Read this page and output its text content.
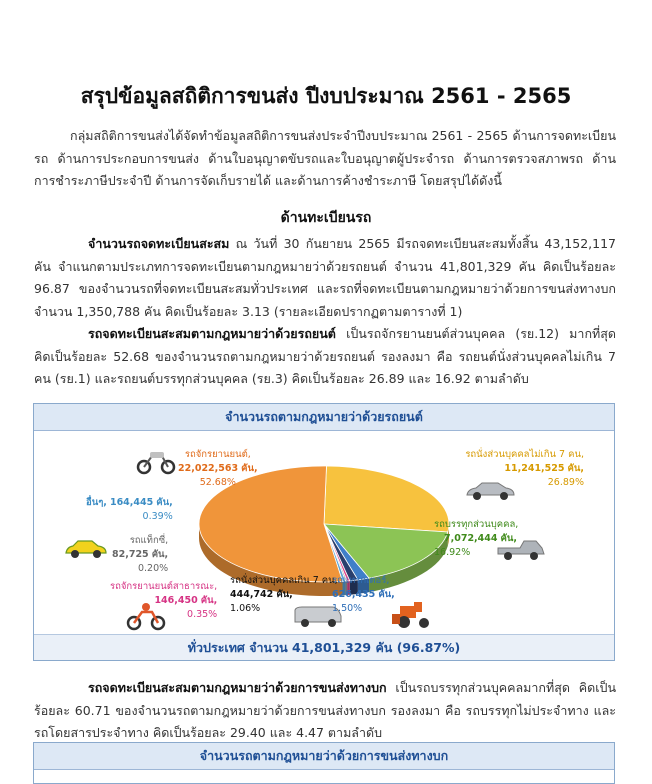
สรุปข้อมูลสถิติการขนส่ง ปีงบประมาณ 2561 - 2565

กลุ่มสถิติการขนส่งได้จัดทำข้อมูลสถิติการขนส่งประจำปีงบประมาณ 2561 - 2565 ด้านการจดทะเบียนรถ ด้านการประกอบการขนส่ง ด้านใบอนุญาตขับรถและใบอนุญาตผู้ประจำรถ ด้านการตรวจสภาพรถ ด้านการชำระภาษีประจำปี ด้านการจัดเก็บรายได้ และด้านการค้างชำระภาษี โดยสรุปได้ดังนี้

ด้านทะเบียนรถ

จำนวนรถจดทะเบียนสะสม ณ วันที่ 30 กันยายน 2565 มีรถจดทะเบียนสะสมทั้งสิ้น 43,152,117 คัน จำแนกตามประเภทการจดทะเบียนตามกฎหมายว่าด้วยรถยนต์ จำนวน 41,801,329 คัน คิดเป็นร้อยละ 96.87 ของจำนวนรถที่จดทะเบียนสะสมทั่วประเทศ และรถที่จดทะเบียนตามกฎหมายว่าด้วยการขนส่งทางบก จำนวน 1,350,788 คัน คิดเป็นร้อยละ 3.13 (รายละเอียดปรากฏตามตารางที่ 1)

รถจดทะเบียนสะสมตามกฎหมายว่าด้วยรถยนต์ เป็นรถจักรยานยนต์ส่วนบุคคล (รย.12) มากที่สุด คิดเป็นร้อยละ 52.68 ของจำนวนรถตามกฎหมายว่าด้วยรถยนต์ รองลงมา คือ รถยนต์นั่งส่วนบุคคลไม่เกิน 7 คน (รย.1) และรถยนต์บรรทุกส่วนบุคคล (รย.3) คิดเป็นร้อยละ 26.89 และ 16.92 ตามลำดับ

จำนวนรถตามกฎหมายว่าด้วยรถยนต์
รถจักรยานยนต์,
22,022,563 คัน,
52.68%
รถนั่งส่วนบุคคลไม่เกิน 7 คน,
11,241,525 คัน,
26.89%
รถบรรทุกส่วนบุคคล,
7,072,444 คัน,
16.92%
รถแทรกเตอร์,
626,435 คัน,
1.50%
รถนั่งส่วนบุคคลเกิน 7 คน,
444,742 คัน,
1.06%
รถจักรยานยนต์สาธารณะ,
146,450 คัน,
0.35%
รถแท็กซี่,
82,725 คัน,
0.20%
อื่นๆ, 164,445 คัน,
0.39%
ทั่วประเทศ จำนวน 41,801,329 คัน (96.87%)

รถจดทะเบียนสะสมตามกฎหมายว่าด้วยการขนส่งทางบก เป็นรถบรรทุกส่วนบุคคลมากที่สุด คิดเป็นร้อยละ 60.71 ของจำนวนรถตามกฎหมายว่าด้วยการขนส่งทางบก รองลงมา คือ รถบรรทุกไม่ประจำทาง และรถโดยสารประจำทาง คิดเป็นร้อยละ 29.40 และ 4.47 ตามลำดับ

จำนวนรถตามกฎหมายว่าด้วยการขนส่งทางบก
